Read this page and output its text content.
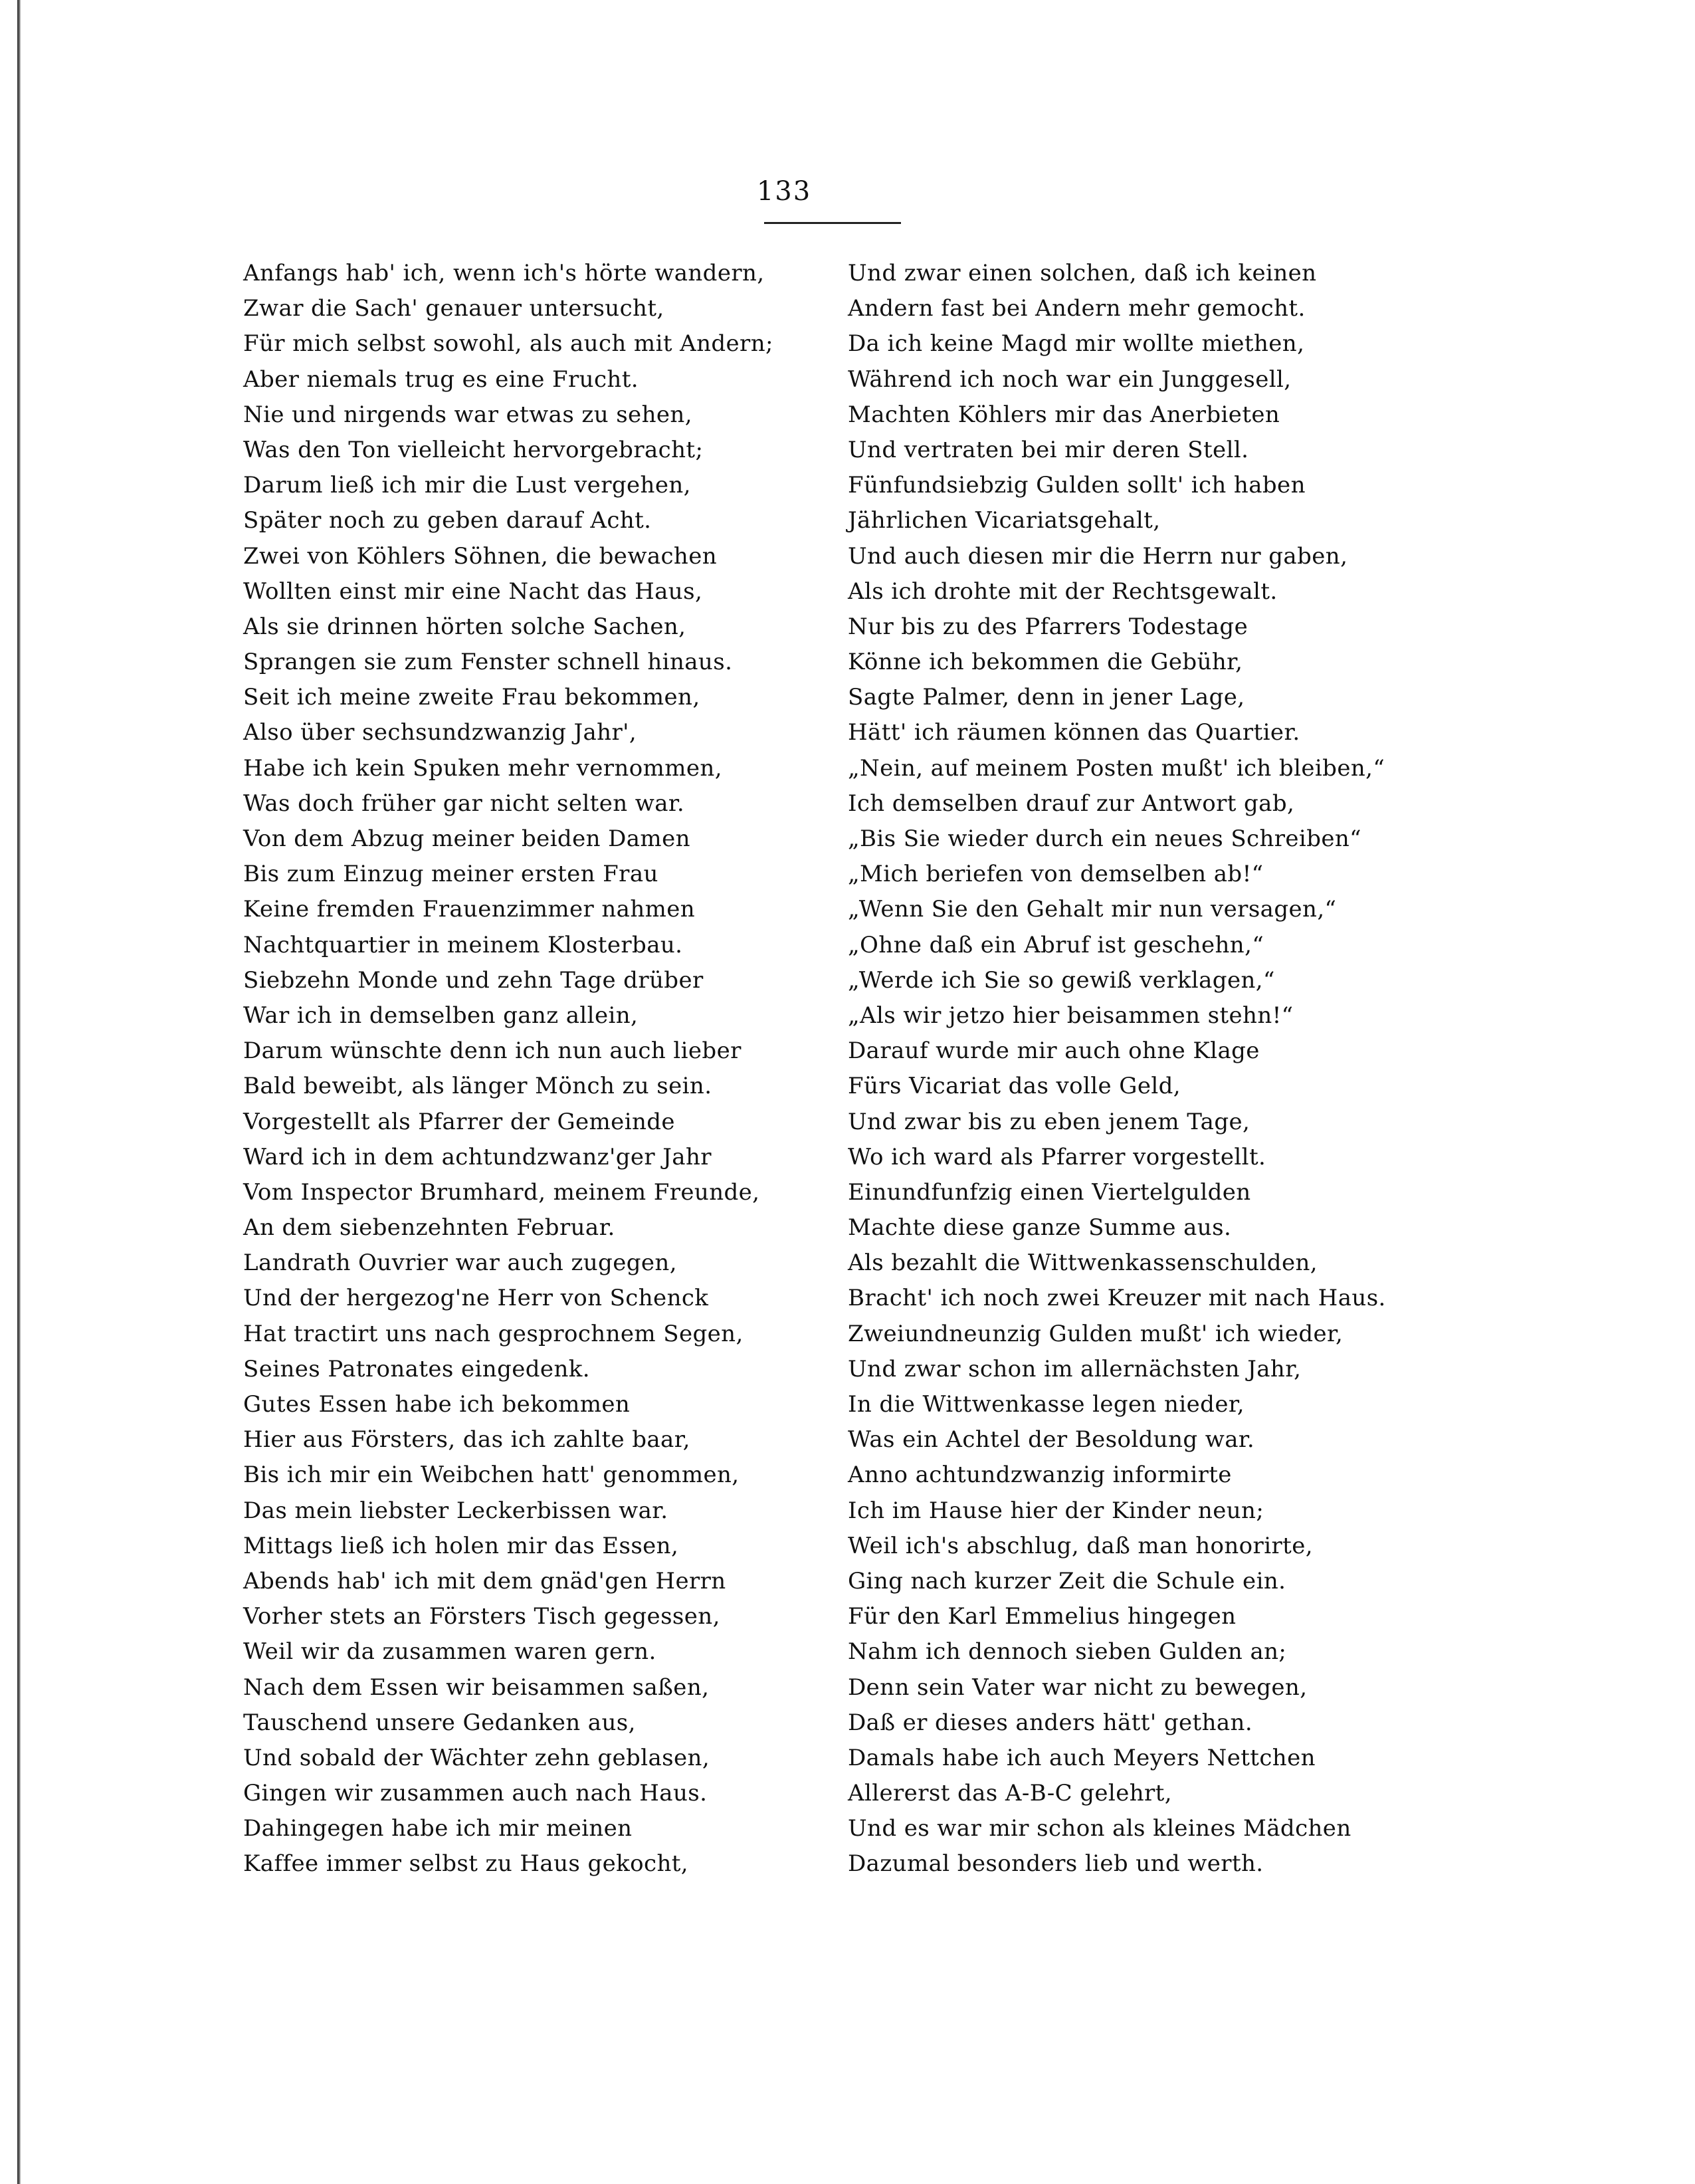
133
Anfangs hab' ich, wenn ich's hörte wandern,
Zwar die Sach' genauer untersucht,
Für mich selbst sowohl, als auch mit Andern;
Aber niemals trug es eine Frucht.
Nie und nirgends war etwas zu sehen,
Was den Ton vielleicht hervorgebracht;
Darum ließ ich mir die Lust vergehen,
Später noch zu geben darauf Acht.
Zwei von Köhlers Söhnen, die bewachen
Wollten einst mir eine Nacht das Haus,
Als sie drinnen hörten solche Sachen,
Sprangen sie zum Fenster schnell hinaus.
Seit ich meine zweite Frau bekommen,
Also über sechsundzwanzig Jahr',
Habe ich kein Spuken mehr vernommen,
Was doch früher gar nicht selten war.
Von dem Abzug meiner beiden Damen
Bis zum Einzug meiner ersten Frau
Keine fremden Frauenzimmer nahmen
Nachtquartier in meinem Klosterbau.
Siebzehn Monde und zehn Tage drüber
War ich in demselben ganz allein,
Darum wünschte denn ich nun auch lieber
Bald beweibt, als länger Mönch zu sein.
Vorgestellt als Pfarrer der Gemeinde
Ward ich in dem achtundzwanz'ger Jahr
Vom Inspector Brumhard, meinem Freunde,
An dem siebenzehnten Februar.
Landrath Ouvrier war auch zugegen,
Und der hergezog'ne Herr von Schenck
Hat tractirt uns nach gesprochnem Segen,
Seines Patronates eingedenk.
Gutes Essen habe ich bekommen
Hier aus Försters, das ich zahlte baar,
Bis ich mir ein Weibchen hatt' genommen,
Das mein liebster Leckerbissen war.
Mittags ließ ich holen mir das Essen,
Abends hab' ich mit dem gnäd'gen Herrn
Vorher stets an Försters Tisch gegessen,
Weil wir da zusammen waren gern.
Nach dem Essen wir beisammen saßen,
Tauschend unsere Gedanken aus,
Und sobald der Wächter zehn geblasen,
Gingen wir zusammen auch nach Haus.
Dahingegen habe ich mir meinen
Kaffee immer selbst zu Haus gekocht,
Und zwar einen solchen, daß ich keinen
Andern fast bei Andern mehr gemocht.
Da ich keine Magd mir wollte miethen,
Während ich noch war ein Junggesell,
Machten Köhlers mir das Anerbieten
Und vertraten bei mir deren Stell.
Fünfundsiebzig Gulden sollt' ich haben
Jährlichen Vicariatsgehalt,
Und auch diesen mir die Herrn nur gaben,
Als ich drohte mit der Rechtsgewalt.
Nur bis zu des Pfarrers Todestage
Könne ich bekommen die Gebühr,
Sagte Palmer, denn in jener Lage,
Hätt' ich räumen können das Quartier.
„Nein, auf meinem Posten mußt' ich bleiben,“
Ich demselben drauf zur Antwort gab,
„Bis Sie wieder durch ein neues Schreiben“
„Mich beriefen von demselben ab!“
„Wenn Sie den Gehalt mir nun versagen,“
„Ohne daß ein Abruf ist geschehn,“
„Werde ich Sie so gewiß verklagen,“
„Als wir jetzo hier beisammen stehn!“
Darauf wurde mir auch ohne Klage
Fürs Vicariat das volle Geld,
Und zwar bis zu eben jenem Tage,
Wo ich ward als Pfarrer vorgestellt.
Einundfunfzig einen Viertelgulden
Machte diese ganze Summe aus.
Als bezahlt die Wittwenkassenschulden,
Bracht' ich noch zwei Kreuzer mit nach Haus.
Zweiundneunzig Gulden mußt' ich wieder,
Und zwar schon im allernächsten Jahr,
In die Wittwenkasse legen nieder,
Was ein Achtel der Besoldung war.
Anno achtundzwanzig informirte
Ich im Hause hier der Kinder neun;
Weil ich's abschlug, daß man honorirte,
Ging nach kurzer Zeit die Schule ein.
Für den Karl Emmelius hingegen
Nahm ich dennoch sieben Gulden an;
Denn sein Vater war nicht zu bewegen,
Daß er dieses anders hätt' gethan.
Damals habe ich auch Meyers Nettchen
Allererst das A-B-C gelehrt,
Und es war mir schon als kleines Mädchen
Dazumal besonders lieb und werth.
